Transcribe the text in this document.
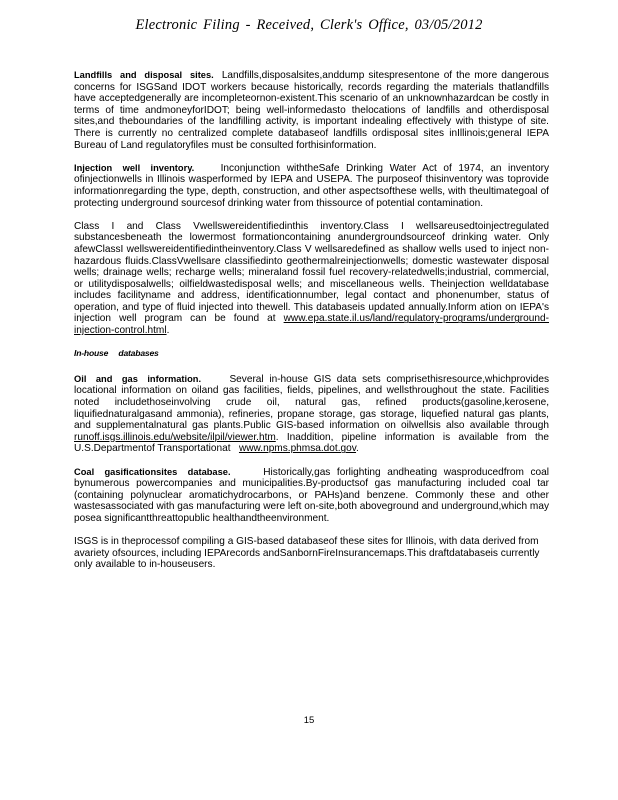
Electronic Filing - Received, Clerk's Office, 03/05/2012

Landfills and disposal sites. Landfills,disposalsites,anddump sitespresentone of the more dangerous concerns for ISGSand IDOT workers because historically, records regarding the materials thatlandfills have acceptedgenerally are incompleteornon-existent.This scenario of an unknownhazardcan be costly in terms of time andmoneyforIDOT; being well-informedasto thelocations of landfills and otherdisposal sites,and theboundaries of the landfilling activity, is important indealing effectively with thistype of site. There is currently no centralized complete databaseof landfills ordisposal sites inIllinois;general IEPA Bureau of Land regulatoryfiles must be consulted forthisinformation.

Injection well inventory.	Inconjunction withtheSafe Drinking Water Act of 1974, an inventory ofinjectionwells in Illinois wasperformed by IEPA and USEPA. The purposeof thisinventory was toprovide informationregarding the type, depth, construction, and other aspectsofthese wells, with theultimategoal of protecting underground sourcesof drinking water from thissource of potential contamination.

Class I and Class Vwellswereidentifiedinthis inventory.Class I wellsareusedtoinjectregulated substancesbeneath the lowermost formationcontaining anundergroundsourceof drinking water. Only afewClassI wellswereidentifiedintheinventory.Class V wellsaredefined as shallow wells used to inject non-hazardous fluids.ClassVwellsare classifiedinto geothermalreinjectionwells; domestic wastewater disposal wells; drainage wells; recharge wells; mineraland fossil fuel recovery-relatedwells;industrial, commercial, or utilitydisposalwells; oilfieldwastedisposal wells; and miscellaneous wells. Theinjection welldatabase includes facilityname and address, identificationnumber, legal contact and phonenumber, status of operation, and type of fluid injected into thewell. This databaseis updated annually.Inform ation on IEPA's injection well program can be found at www.epa.state.il.us/land/regulatory-programs/underground-injection-control.html.

In-house databases

Oil and gas information.	Several in-house GIS data sets comprisethisresource,whichprovides locational information on oiland gas facilities, fields, pipelines, and wellsthroughout the state. Facilities noted includethoseinvolving crude oil, natural gas, refined products(gasoline,kerosene, liquifiednaturalgasand ammonia), refineries, propane storage, gas storage, liquefied natural gas plants, and supplementalnatural gas plants.Public GIS-based information on oilwellsis also available through runoff.isgs.illinois.edu/website/ilpil/viewer.htm. Inaddition, pipeline information is available from the U.S.Departmentof Transportationat www.npms.phmsa.dot.gov.

Coal gasificationsites database.	Historically,gas forlighting andheating wasproducedfrom coal bynumerous powercompanies and municipalities.By-productsof gas manufacturing included coal tar (containing polynuclear aromatichydrocarbons, or PAHs)and benzene. Commonly these and other wastesassociated with gas manufacturing were left on-site,both aboveground and underground,which may posea significantthreattopublic healthandtheenvironment.

ISGS is in theprocessof compiling a GIS-based databaseof these sites for Illinois, with data derived from avariety ofsources, including IEPArecords andSanbornFireInsurancemaps.This draftdatabaseis currently only available to in-houseusers.

15
